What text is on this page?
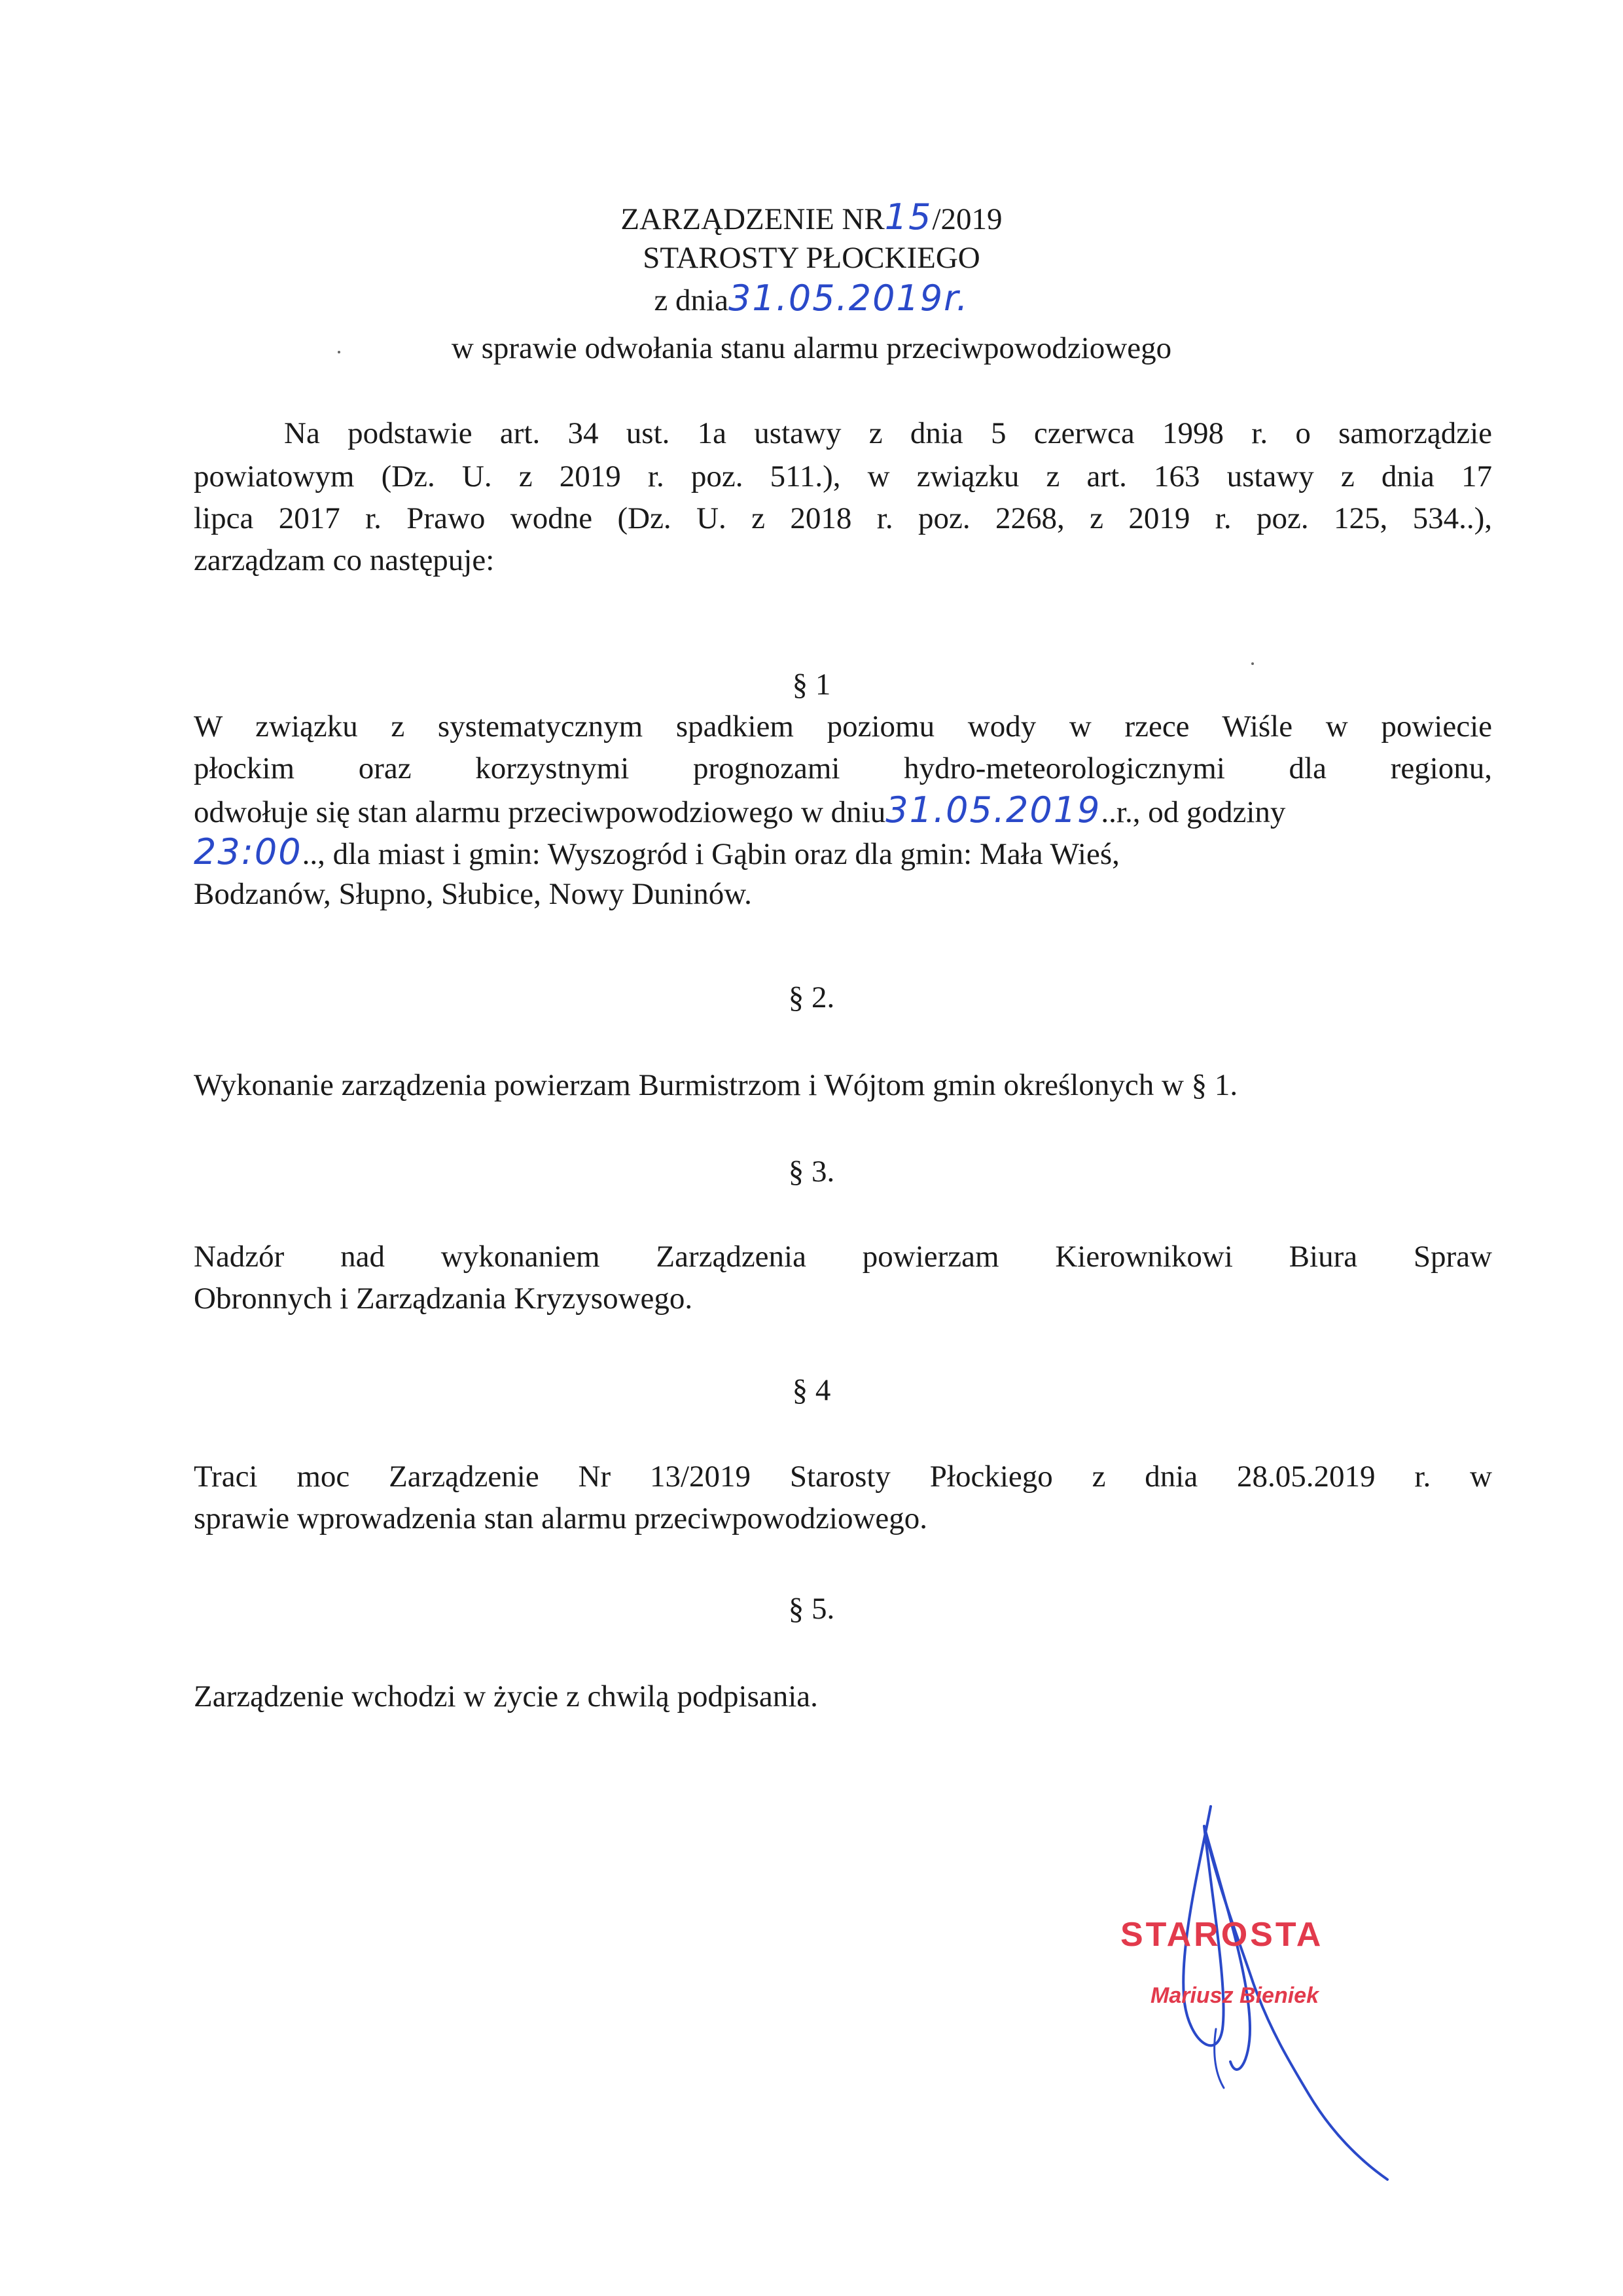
ZARZĄDZENIE NR15/2019
STAROSTY PŁOCKIEGO
z dnia31.05.2019r.
w sprawie odwołania stanu alarmu przeciwpowodziowego
Na podstawie art. 34 ust. 1a ustawy z dnia 5 czerwca 1998 r. o samorządzie
powiatowym (Dz. U. z 2019 r. poz. 511.), w związku z art. 163 ustawy z dnia 17
lipca 2017 r. Prawo wodne (Dz. U. z 2018 r. poz. 2268, z 2019 r. poz. 125, 534..),
zarządzam co następuje:
§ 1
W związku z systematycznym spadkiem poziomu wody w rzece Wiśle w powiecie
płockim oraz korzystnymi prognozami hydro-meteorologicznymi dla regionu,
odwołuje się stan alarmu przeciwpowodziowego w dniu31.05.2019..r., od godziny
23:00.., dla miast i gmin: Wyszogród i Gąbin oraz dla gmin: Mała Wieś,
Bodzanów, Słupno, Słubice, Nowy Duninów.
§ 2.
Wykonanie zarządzenia powierzam Burmistrzom i Wójtom gmin określonych w § 1.
§ 3.
Nadzór nad wykonaniem Zarządzenia powierzam Kierownikowi Biura Spraw
Obronnych i Zarządzania Kryzysowego.
§ 4
Traci moc Zarządzenie Nr 13/2019 Starosty Płockiego z dnia 28.05.2019 r. w
sprawie wprowadzenia stan alarmu przeciwpowodziowego.
§ 5.
Zarządzenie wchodzi w życie z chwilą podpisania.
STAROSTA
Mariusz Bieniek
